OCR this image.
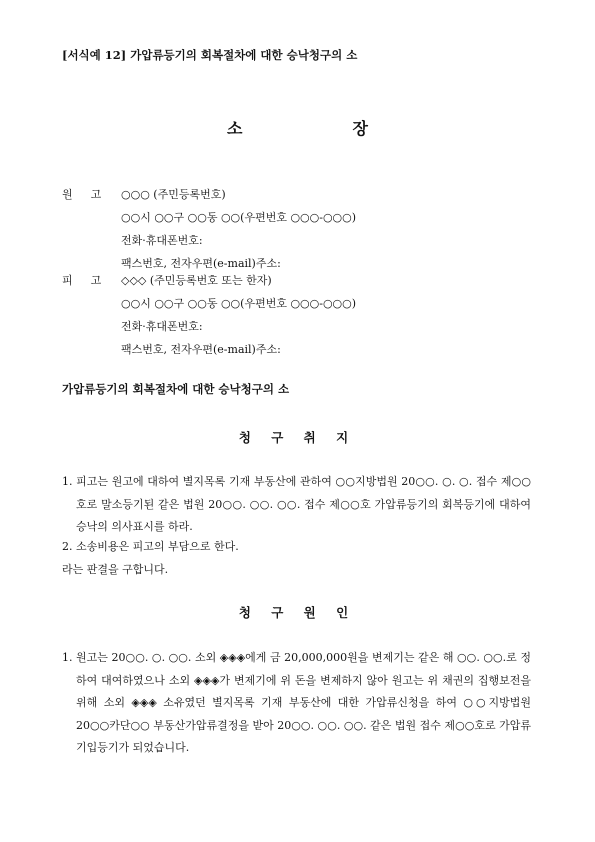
[서식예 12] 가압류등기의 회복절차에 대한 승낙청구의 소
소	장
원 고 ○○○ (주민등록번호)
○○시 ○○구 ○○동 ○○(우편번호 ○○○-○○○)
전화·휴대폰번호:
팩스번호, 전자우편(e-mail)주소:
피 고 ◇◇◇ (주민등록번호 또는 한자)
○○시 ○○구 ○○동 ○○(우편번호 ○○○-○○○)
전화·휴대폰번호:
팩스번호, 전자우편(e-mail)주소:
가압류등기의 회복절차에 대한 승낙청구의 소
청 구 취 지
1. 피고는 원고에 대하여 별지목록 기재 부동산에 관하여 ○○지방법원 20○○. ○. ○. 접수 제○○호로 말소등기된 같은 법원 20○○. ○○. ○○. 접수 제○○호 가압류등기의 회복등기에 대하여 승낙의 의사표시를 하라.
2. 소송비용은 피고의 부담으로 한다.
라는 판결을 구합니다.
청 구 원 인
1. 원고는 20○○. ○. ○○. 소외 ◈◈◈에게 금 20,000,000원을 변제기는 같은 해 ○○. ○○.로 정하여 대여하였으나 소외 ◈◈◈가 변제기에 위 돈을 변제하지 않아 원고는 위 채권의 집행보전을 위해 소외 ◈◈◈ 소유였던 별지목록 기재 부동산에 대한 가압류신청을 하여 ○○지방법원 20○○카단○○ 부동산가압류결정을 받아 20○○. ○○. ○○. 같은 법원 접수 제○○호로 가압류기입등기가 되었습니다.
